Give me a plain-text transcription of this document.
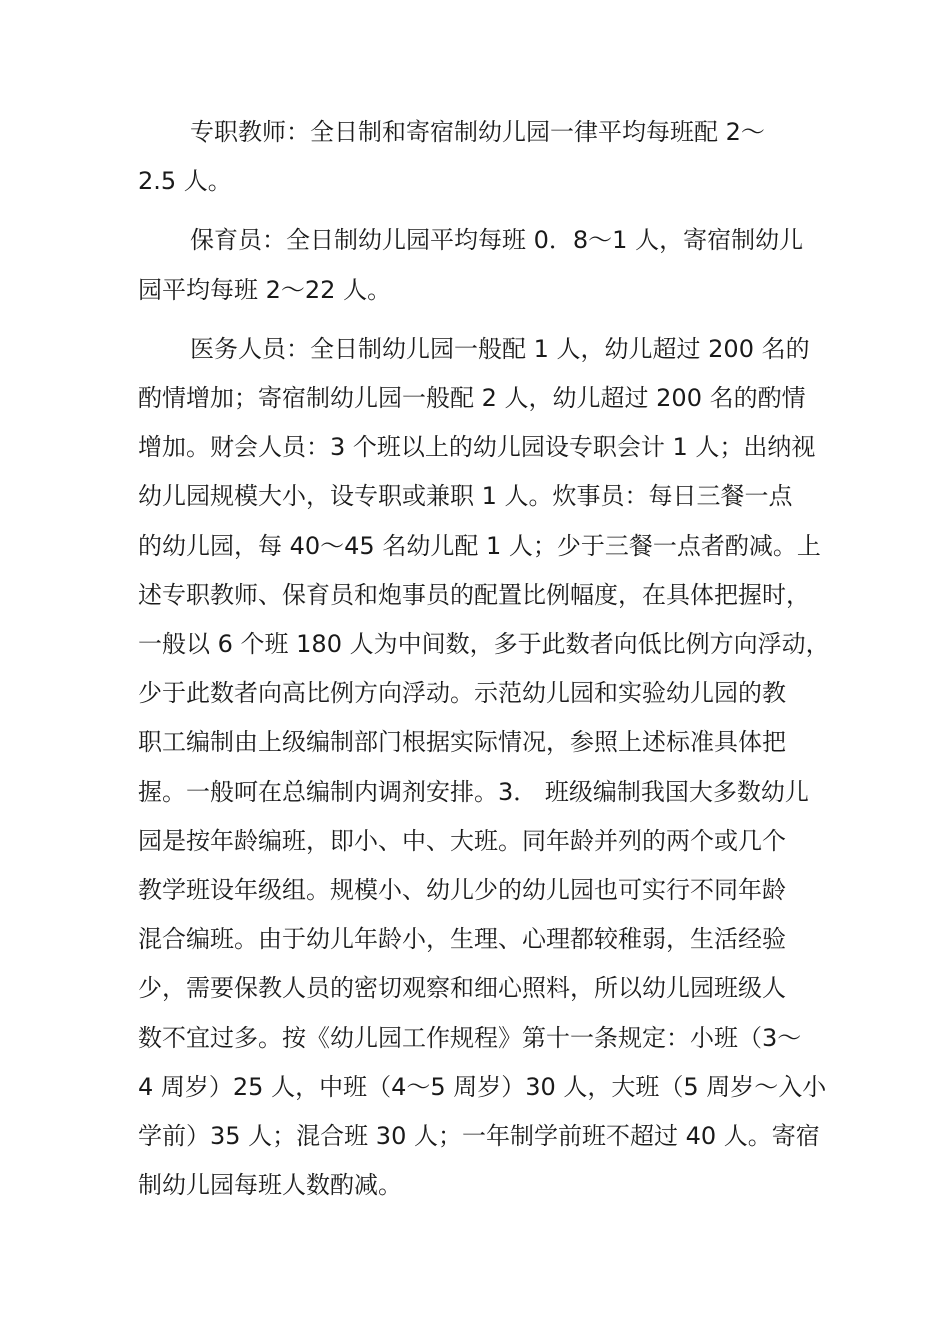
专职教师：全日制和寄宿制幼儿园一律平均每班配 2～
2.5 人。

保育员：全日制幼儿园平均每班 0．8～1 人，寄宿制幼儿
园平均每班 2～22 人。

医务人员：全日制幼儿园一般配 1 人，幼儿超过 200 名的
酌情增加；寄宿制幼儿园一般配 2 人，幼儿超过 200 名的酌情
增加。财会人员：3 个班以上的幼儿园设专职会计 1 人；出纳视
幼儿园规模大小，设专职或兼职 1 人。炊事员：每日三餐一点
的幼儿园，每 40～45 名幼儿配 1 人；少于三餐一点者酌减。上
述专职教师、保育员和炮事员的配置比例幅度，在具体把握时，
一般以 6 个班 180 人为中间数，多于此数者向低比例方向浮动，
少于此数者向高比例方向浮动。示范幼儿园和实验幼儿园的教
职工编制由上级编制部门根据实际情况，参照上述标准具体把
握。一般呵在总编制内调剂安排。3． 班级编制我国大多数幼儿
园是按年龄编班，即小、中、大班。同年龄并列的两个或几个
教学班设年级组。规模小、幼儿少的幼儿园也可实行不同年龄
混合编班。由于幼儿年龄小，生理、心理都较稚弱，生活经验
少，需要保教人员的密切观察和细心照料，所以幼儿园班级人
数不宜过多。按《幼儿园工作规程》第十一条规定：小班（3～
4 周岁）25 人，中班（4～5 周岁）30 人，大班（5 周岁～入小
学前）35 人；混合班 30 人；一年制学前班不超过 40 人。寄宿
制幼儿园每班人数酌减。
